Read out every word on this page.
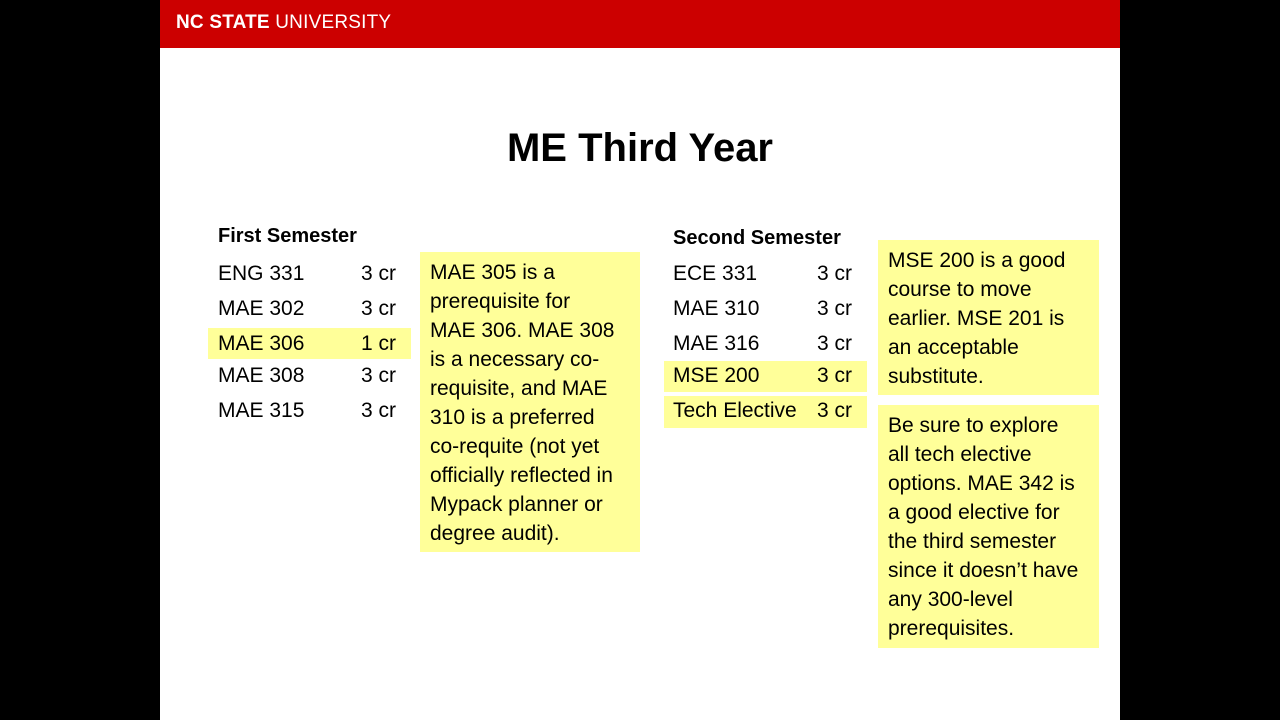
NC STATE UNIVERSITY
ME Third Year
First Semester
ENG 331	3 cr
MAE 302	3 cr
MAE 306	1 cr
MAE 308	3 cr
MAE 315	3 cr

MAE 305 is a
prerequisite for
MAE 306. MAE 308
is a necessary co-
requisite, and MAE
310 is a preferred
co-requite (not yet
officially reflected in
Mypack planner or
degree audit).

Second Semester
ECE 331	3 cr
MAE 310	3 cr
MAE 316	3 cr
MSE 200	3 cr
Tech Elective 3 cr

MSE 200 is a good
course to move
earlier. MSE 201 is
an acceptable
substitute.

Be sure to explore
all tech elective
options. MAE 342 is
a good elective for
the third semester
since it doesn’t have
any 300-level
prerequisites.
